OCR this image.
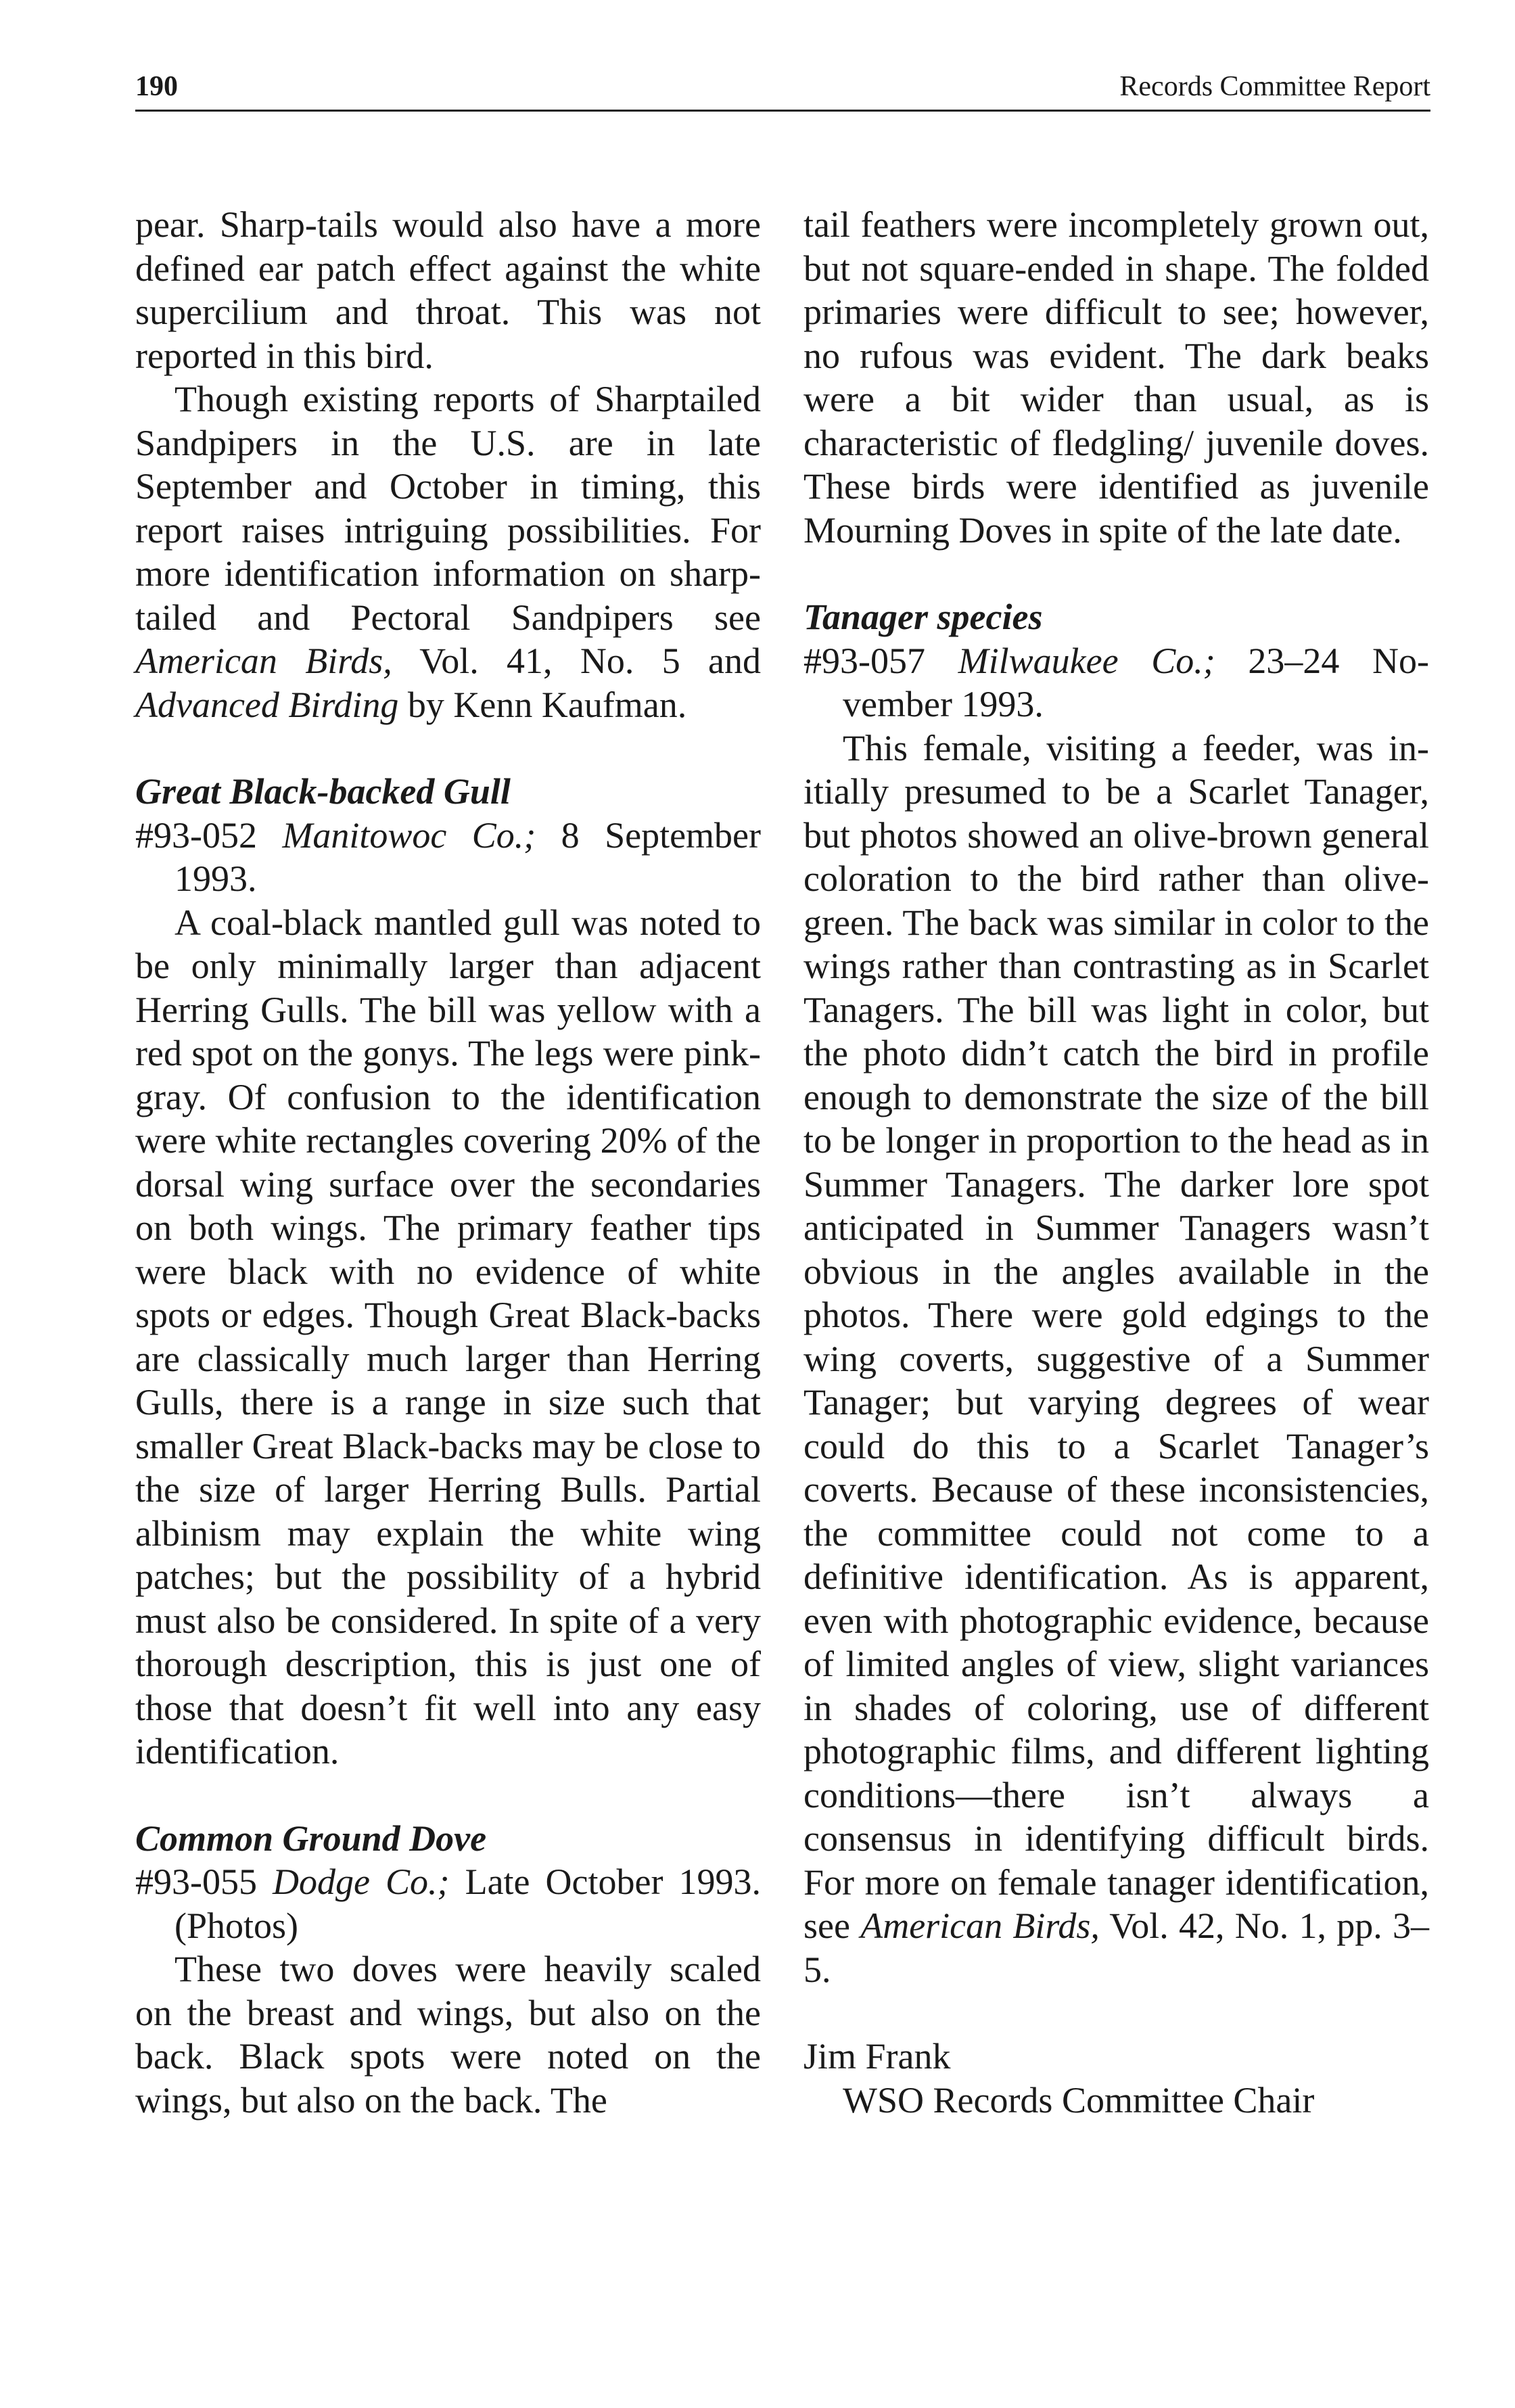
190	Records Committee Report

pear. Sharp-tails would also have a more defined ear patch effect against the white supercilium and throat. This was not reported in this bird.

Though existing reports of Sharptailed Sandpipers in the U.S. are in late September and October in timing, this report raises intriguing possibilities. For more identification information on sharp-tailed and Pectoral Sandpipers see American Birds, Vol. 41, No. 5 and Advanced Birding by Kenn Kaufman.

Great Black-backed Gull

#93-052 Manitowoc Co.; 8 September 1993.

A coal-black mantled gull was noted to be only minimally larger than adjacent Herring Gulls. The bill was yellow with a red spot on the gonys. The legs were pink-gray. Of confusion to the identification were white rectangles covering 20% of the dorsal wing surface over the secondaries on both wings. The primary feather tips were black with no evidence of white spots or edges. Though Great Black-backs are classically much larger than Herring Gulls, there is a range in size such that smaller Great Black-backs may be close to the size of larger Herring Bulls. Partial albinism may explain the white wing patches; but the possibility of a hybrid must also be considered. In spite of a very thorough description, this is just one of those that doesn’t fit well into any easy identification.

Common Ground Dove

#93-055 Dodge Co.; Late October 1993. (Photos)

These two doves were heavily scaled on the breast and wings, but also on the back. Black spots were noted on the wings, but also on the back. The

tail feathers were incompletely grown out, but not square-ended in shape. The folded primaries were difficult to see; however, no rufous was evident. The dark beaks were a bit wider than usual, as is characteristic of fledgling/ juvenile doves. These birds were identified as juvenile Mourning Doves in spite of the late date.

Tanager species

#93-057 Milwaukee Co.; 23–24 November 1993.

This female, visiting a feeder, was initially presumed to be a Scarlet Tanager, but photos showed an olive-brown general coloration to the bird rather than olive-green. The back was similar in color to the wings rather than contrasting as in Scarlet Tanagers. The bill was light in color, but the photo didn’t catch the bird in profile enough to demonstrate the size of the bill to be longer in proportion to the head as in Summer Tanagers. The darker lore spot anticipated in Summer Tanagers wasn’t obvious in the angles available in the photos. There were gold edgings to the wing coverts, suggestive of a Summer Tanager; but varying degrees of wear could do this to a Scarlet Tanager’s coverts. Because of these inconsistencies, the committee could not come to a definitive identification. As is apparent, even with photographic evidence, because of limited angles of view, slight variances in shades of coloring, use of different photographic films, and different lighting conditions—there isn’t always a consensus in identifying difficult birds. For more on female tanager identification, see American Birds, Vol. 42, No. 1, pp. 3–5.

Jim Frank

WSO Records Committee Chair
